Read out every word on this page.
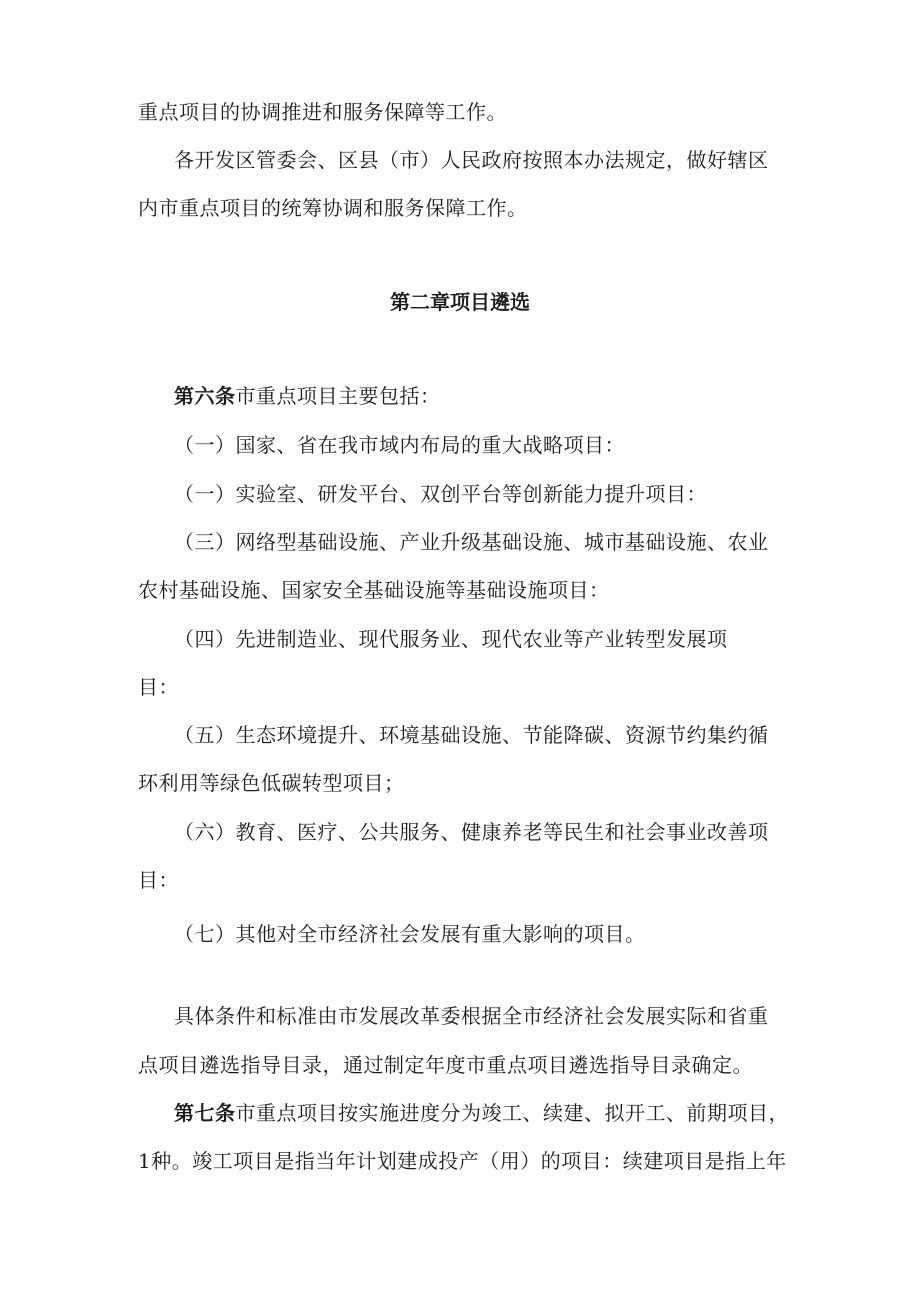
重点项目的协调推进和服务保障等工作。
各开发区管委会、区县（市）人民政府按照本办法规定，做好辖区
内市重点项目的统筹协调和服务保障工作。
第二章项目遴选
第六条市重点项目主要包括：
（一）国家、省在我市域内布局的重大战略项目：
（一）实验室、研发平台、双创平台等创新能力提升项目：
（三）网络型基础设施、产业升级基础设施、城市基础设施、农业
农村基础设施、国家安全基础设施等基础设施项目：
（四）先进制造业、现代服务业、现代农业等产业转型发展项
目：
（五）生态环境提升、环境基础设施、节能降碳、资源节约集约循
环利用等绿色低碳转型项目；
（六）教育、医疗、公共服务、健康养老等民生和社会事业改善项
目：
（七）其他对全市经济社会发展有重大影响的项目。
具体条件和标准由市发展改革委根据全市经济社会发展实际和省重
点项目遴选指导目录，通过制定年度市重点项目遴选指导目录确定。
第七条市重点项目按实施进度分为竣工、续建、拟开工、前期项目，
1种。竣工项目是指当年计划建成投产（用）的项目：续建项目是指上年
